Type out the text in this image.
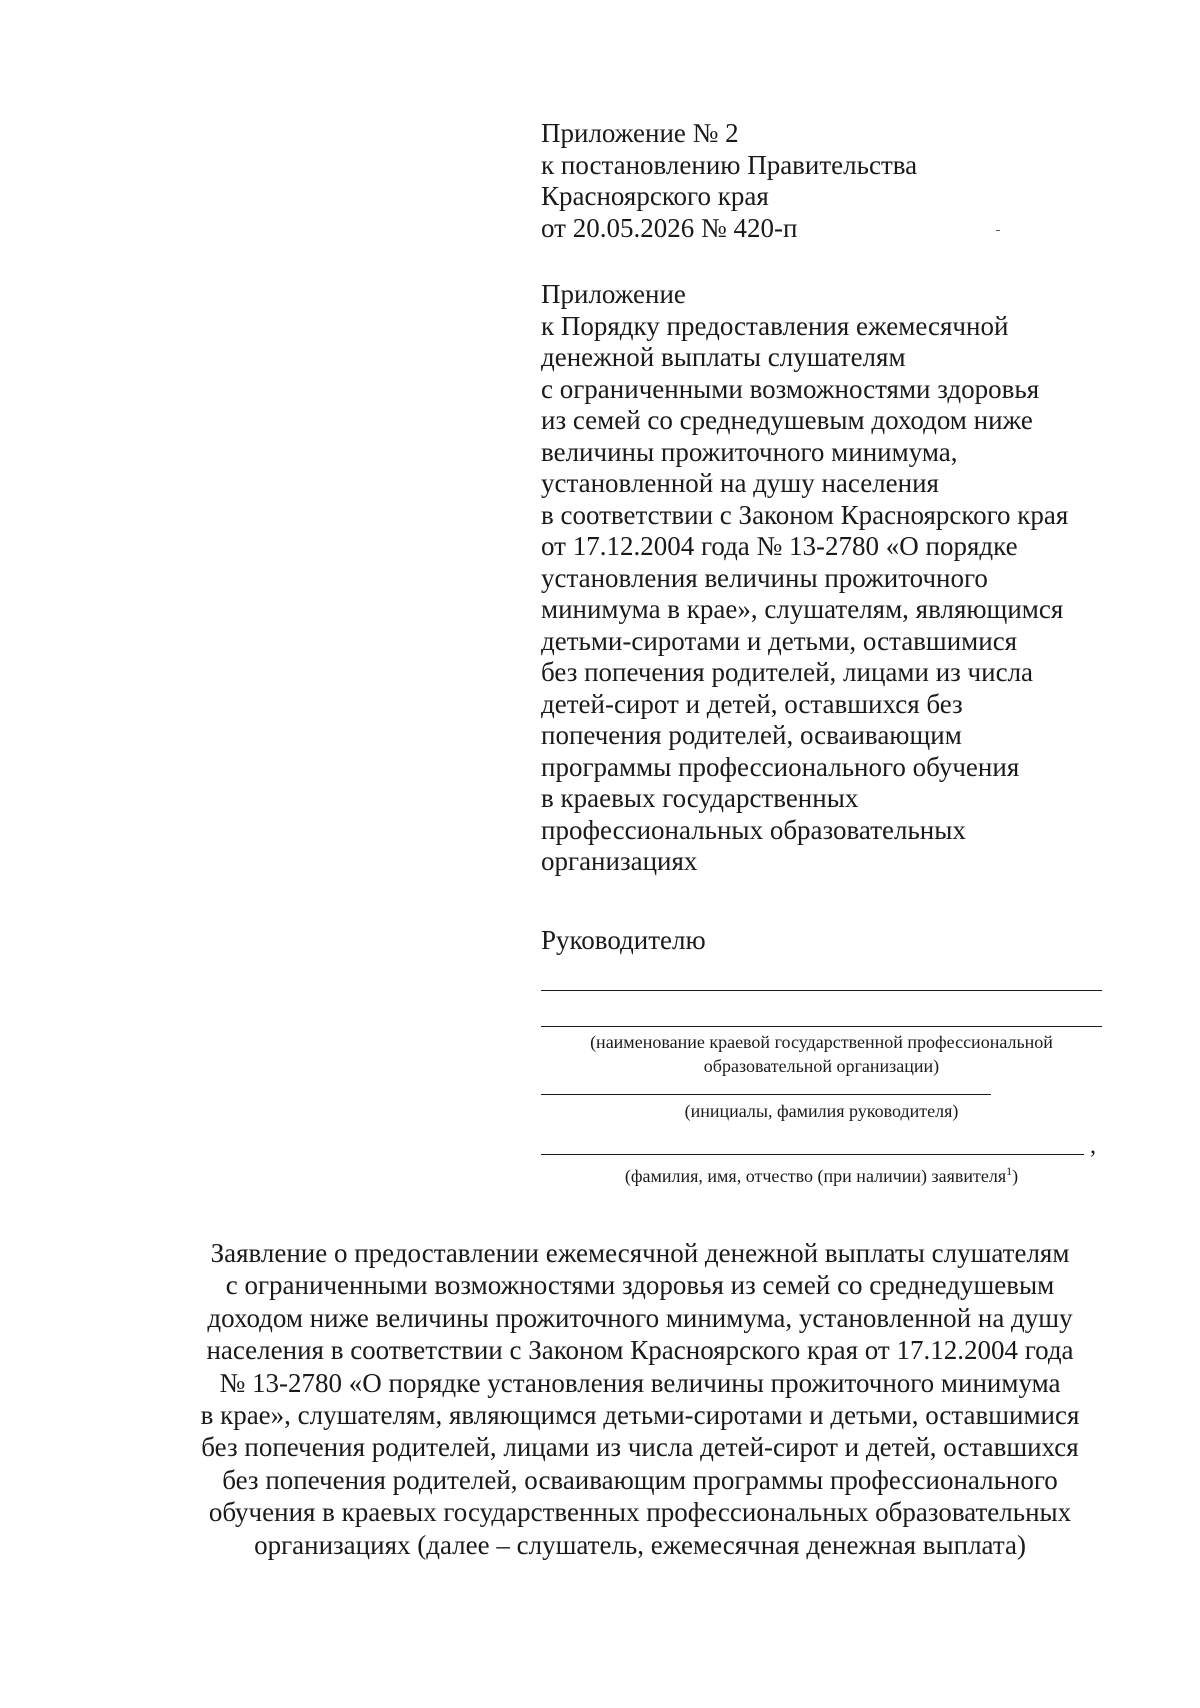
Приложение № 2
к постановлению Правительства
Красноярского края
от 20.05.2026 № 420-п
Приложение
к Порядку предоставления ежемесячной
денежной выплаты слушателям
с ограниченными возможностями здоровья
из семей со среднедушевым доходом ниже
величины прожиточного минимума,
установленной на душу населения
в соответствии с Законом Красноярского края
от 17.12.2004 года № 13-2780 «О порядке
установления величины прожиточного
минимума в крае», слушателям, являющимся
детьми-сиротами и детьми, оставшимися
без попечения родителей, лицами из числа
детей-сирот и детей, оставшихся без
попечения родителей, осваивающим
программы профессионального обучения
в краевых государственных
профессиональных образовательных
организациях
Руководителю
(наименование краевой государственной профессиональной
образовательной организации)
(инициалы, фамилия руководителя)
,
(фамилия, имя, отчество (при наличии) заявителя$^1$)
Заявление о предоставлении ежемесячной денежной выплаты слушателям
с ограниченными возможностями здоровья из семей со среднедушевым
доходом ниже величины прожиточного минимума, установленной на душу
населения в соответствии с Законом Красноярского края от 17.12.2004 года
№ 13-2780 «О порядке установления величины прожиточного минимума
в крае», слушателям, являющимся детьми-сиротами и детьми, оставшимися
без попечения родителей, лицами из числа детей-сирот и детей, оставшихся
без попечения родителей, осваивающим программы профессионального
обучения в краевых государственных профессиональных образовательных
организациях (далее – слушатель, ежемесячная денежная выплата)
